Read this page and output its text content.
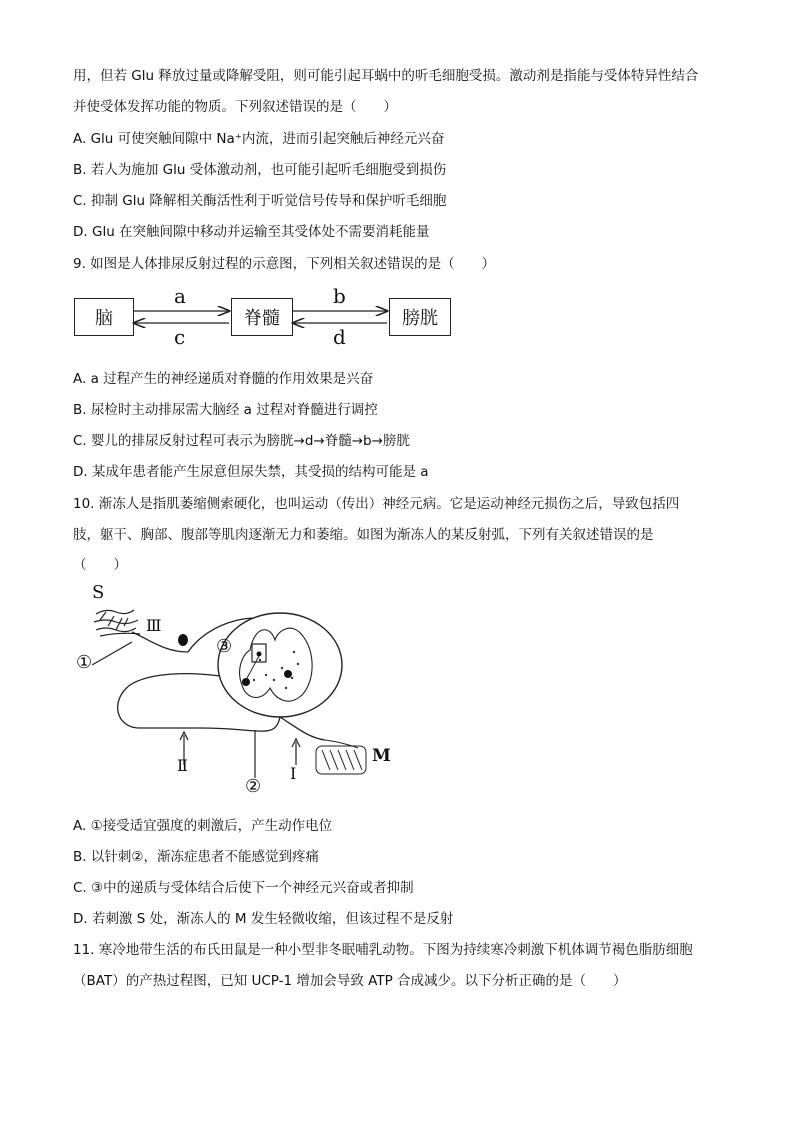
用，但若 Glu 释放过量或降解受阻，则可能引起耳蜗中的听毛细胞受损。激动剂是指能与受体特异性结合
并使受体发挥功能的物质。下列叙述错误的是（　　）
A. Glu 可使突触间隙中 Na⁺内流，进而引起突触后神经元兴奋
B. 若人为施加 Glu 受体激动剂，也可能引起听毛细胞受到损伤
C. 抑制 Glu 降解相关酶活性利于听觉信号传导和保护听毛细胞
D. Glu 在突触间隙中移动并运输至其受体处不需要消耗能量
9. 如图是人体排尿反射过程的示意图，下列相关叙述错误的是（　　）
脑	脊髓	膀胱
a
c
b
d
A. a 过程产生的神经递质对脊髓的作用效果是兴奋
B. 尿检时主动排尿需大脑经 a 过程对脊髓进行调控
C. 婴儿的排尿反射过程可表示为膀胱→d→脊髓→b→膀胱
D. 某成年患者能产生尿意但尿失禁，其受损的结构可能是 a
10. 渐冻人是指肌萎缩侧索硬化，也叫运动（传出）神经元病。它是运动神经元损伤之后，导致包括四
肢，躯干、胸部、腹部等肌肉逐渐无力和萎缩。如图为渐冻人的某反射弧，下列有关叙述错误的是
（　　）
S
Ⅲ
①
③
Ⅱ
②
Ⅰ
M
A. ①接受适宜强度的刺激后，产生动作电位
B. 以针刺②，渐冻症患者不能感觉到疼痛
C. ③中的递质与受体结合后使下一个神经元兴奋或者抑制
D. 若刺激 S 处，渐冻人的 M 发生轻微收缩，但该过程不是反射
11. 寒冷地带生活的布氏田鼠是一种小型非冬眠哺乳动物。下图为持续寒冷刺激下机体调节褐色脂肪细胞
（BAT）的产热过程图，已知 UCP-1 增加会导致 ATP 合成减少。以下分析正确的是（　　）
